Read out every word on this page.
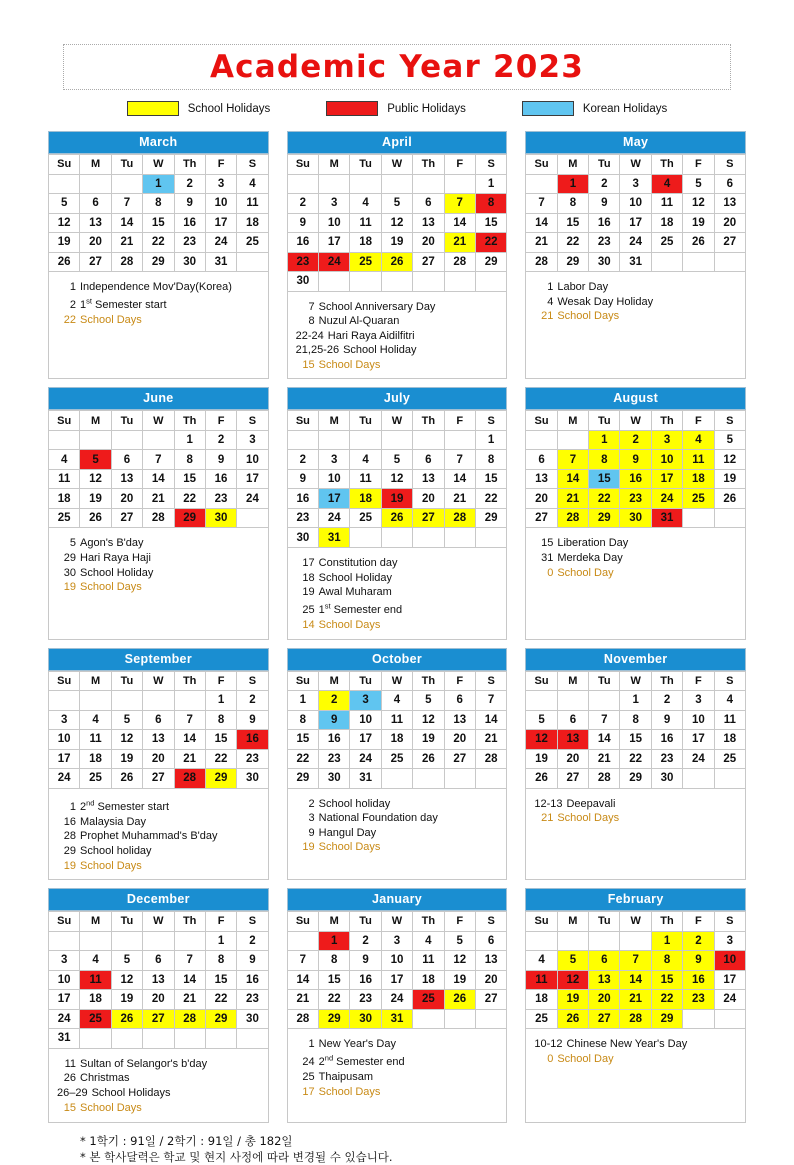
Academic Year 2023
School Holidays	Public Holidays	Korean Holidays
March
Su	M	Tu	W	Th	F	S
			1	2	3	4
5	6	7	8	9	10	11
12	13	14	15	16	17	18
19	20	21	22	23	24	25
26	27	28	29	30	31	
1 Independence Mov'Day(Korea)
2 1st Semester start
22 School Days
April
Su	M	Tu	W	Th	F	S
						1
2	3	4	5	6	7	8
9	10	11	12	13	14	15
16	17	18	19	20	21	22
23	24	25	26	27	28	29
30						
7 School Anniversary Day
8 Nuzul Al-Quaran
22-24 Hari Raya Aidilfitri
21,25-26 School Holiday
15 School Days
May
Su	M	Tu	W	Th	F	S
	1	2	3	4	5	6
7	8	9	10	11	12	13
14	15	16	17	18	19	20
21	22	23	24	25	26	27
28	29	30	31			
1 Labor Day
4 Wesak Day Holiday
21 School Days
June
Su	M	Tu	W	Th	F	S
				1	2	3
4	5	6	7	8	9	10
11	12	13	14	15	16	17
18	19	20	21	22	23	24
25	26	27	28	29	30	
5 Agon's B'day
29 Hari Raya Haji
30 School Holiday
19 School Days
July
Su	M	Tu	W	Th	F	S
						1
2	3	4	5	6	7	8
9	10	11	12	13	14	15
16	17	18	19	20	21	22
23	24	25	26	27	28	29
30	31					
17 Constitution day
18 School Holiday
19 Awal Muharam
25 1st Semester end
14 School Days
August
Su	M	Tu	W	Th	F	S
		1	2	3	4	5
6	7	8	9	10	11	12
13	14	15	16	17	18	19
20	21	22	23	24	25	26
27	28	29	30	31		
15 Liberation Day
31 Merdeka Day
0 School Day
September
Su	M	Tu	W	Th	F	S
					1	2
3	4	5	6	7	8	9
10	11	12	13	14	15	16
17	18	19	20	21	22	23
24	25	26	27	28	29	30
1 2nd Semester start
16 Malaysia Day
28 Prophet Muhammad's B'day
29 School holiday
19 School Days
October
Su	M	Tu	W	Th	F	S
1	2	3	4	5	6	7
8	9	10	11	12	13	14
15	16	17	18	19	20	21
22	23	24	25	26	27	28
29	30	31				
2 School holiday
3 National Foundation day
9 Hangul Day
19 School Days
November
Su	M	Tu	W	Th	F	S
			1	2	3	4
5	6	7	8	9	10	11
12	13	14	15	16	17	18
19	20	21	22	23	24	25
26	27	28	29	30		
12-13 Deepavali
21 School Days
December
Su	M	Tu	W	Th	F	S
					1	2
3	4	5	6	7	8	9
10	11	12	13	14	15	16
17	18	19	20	21	22	23
24	25	26	27	28	29	30
31						
11 Sultan of Selangor's b'day
26 Christmas
26–29 School Holidays
15 School Days
January
Su	M	Tu	W	Th	F	S
	1	2	3	4	5	6
7	8	9	10	11	12	13
14	15	16	17	18	19	20
21	22	23	24	25	26	27
28	29	30	31			
1 New Year's Day
24 2nd Semester end
25 Thaipusam
17 School Days
February
Su	M	Tu	W	Th	F	S
				1	2	3
4	5	6	7	8	9	10
11	12	13	14	15	16	17
18	19	20	21	22	23	24
25	26	27	28	29		
10-12 Chinese New Year's Day
0 School Day
* 1학기 : 91일 / 2학기 : 91일 / 총 182일
* 본 학사달력은 학교 및 현지 사정에 따라 변경될 수 있습니다.
